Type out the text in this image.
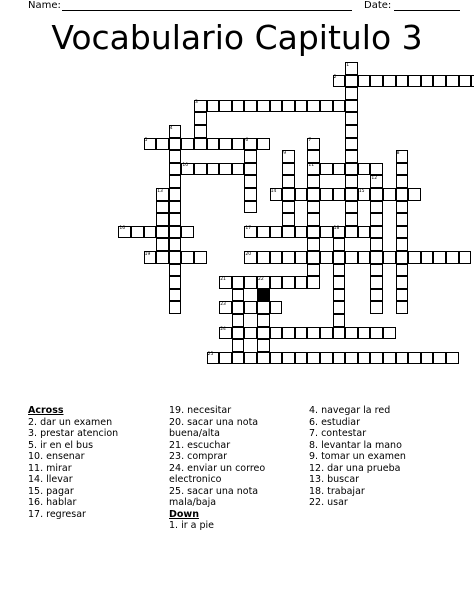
Name:	Date:
Vocabulario Capitulo 3
1
2
3
4
5	6	7
8
9
10	11
12
13	14	15
16	17	18
19	20
21	22
23
24
25
Across
2. dar un examen
3. prestar atencion
5. ir en el bus
10. ensenar
11. mirar
14. llevar
15. pagar
16. hablar
17. regresar
19. necesitar
20. sacar una nota
buena/alta
21. escuchar
23. comprar
24. enviar un correo
electronico
25. sacar una nota
mala/baja
Down
1. ir a pie
4. navegar la red
6. estudiar
7. contestar
8. levantar la mano
9. tomar un examen
12. dar una prueba
13. buscar
18. trabajar
22. usar
